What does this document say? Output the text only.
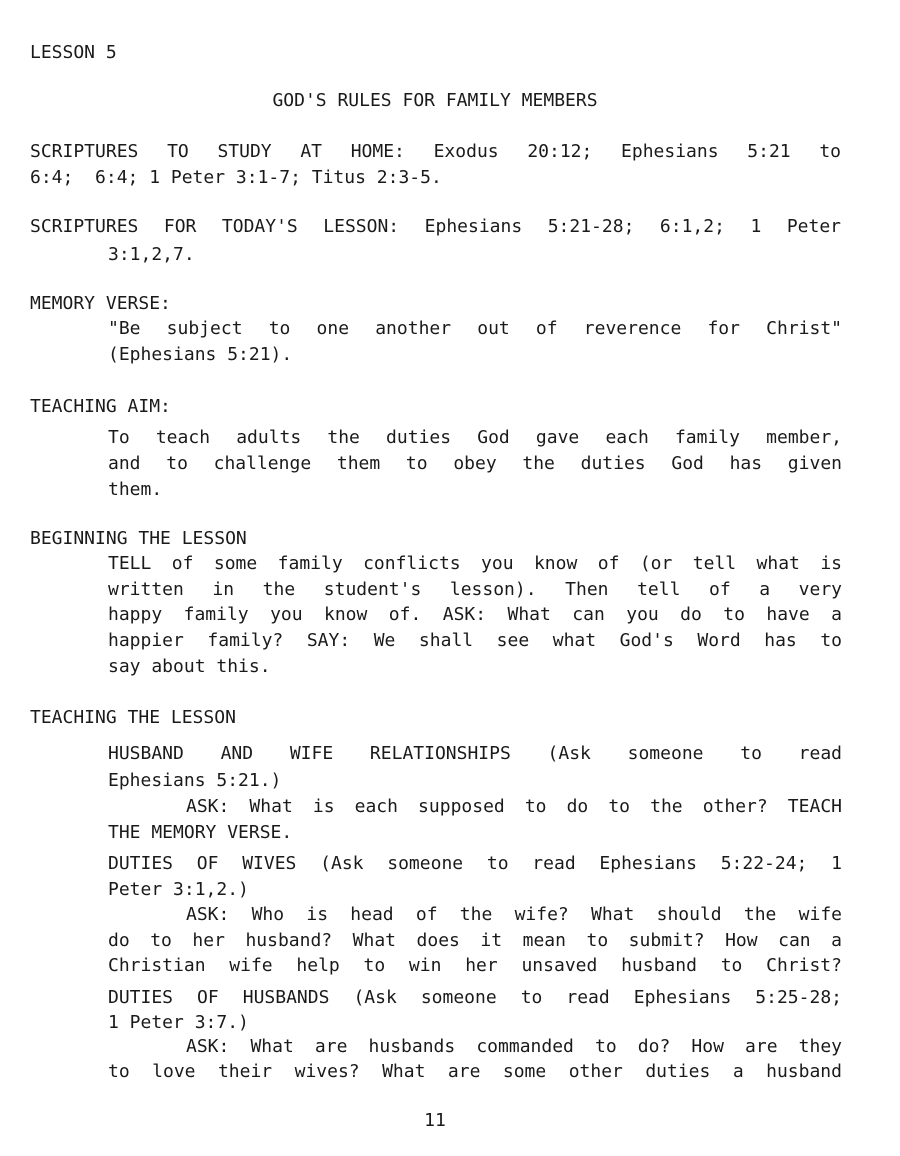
LESSON 5
GOD'S RULES FOR FAMILY MEMBERS
SCRIPTURES TO STUDY AT HOME: Exodus 20:12; Ephesians 5:21 to
6:4;  6:4; 1 Peter 3:1-7; Titus 2:3-5.
SCRIPTURES FOR TODAY'S LESSON: Ephesians 5:21-28; 6:1,2; 1 Peter
3:1,2,7.
MEMORY VERSE:
"Be subject to one another out of reverence for Christ"
(Ephesians 5:21).
TEACHING AIM:
To teach adults the duties God gave each family member,
and to challenge them to obey the duties God has given
them.
BEGINNING THE LESSON
TELL of some family conflicts you know of (or tell what is
written in the student's lesson). Then tell of a very
happy family you know of. ASK: What can you do to have a
happier family? SAY: We shall see what God's Word has to
say about this.
TEACHING THE LESSON
HUSBAND AND WIFE RELATIONSHIPS (Ask someone to read
Ephesians 5:21.)
ASK: What is each supposed to do to the other? TEACH
THE MEMORY VERSE.
DUTIES OF WIVES (Ask someone to read Ephesians 5:22-24; 1
Peter 3:1,2.)
ASK: Who is head of the wife? What should the wife
do to her husband? What does it mean to submit? How can a
Christian wife help to win her unsaved husband to Christ?
DUTIES OF HUSBANDS (Ask someone to read Ephesians 5:25-28;
1 Peter 3:7.)
ASK: What are husbands commanded to do? How are they
to love their wives? What are some other duties a husband
11
